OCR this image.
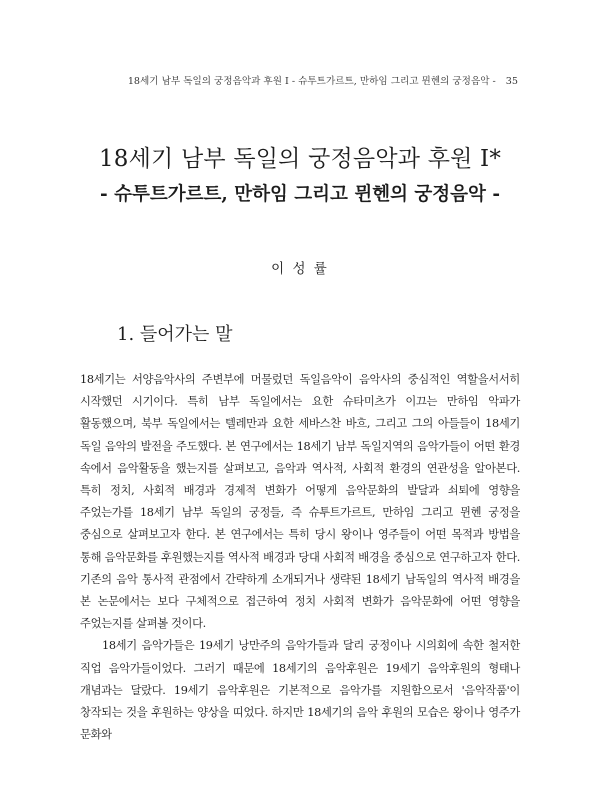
18세기 남부 독일의 궁정음악과 후원 I - 슈투트가르트, 만하임 그리고 뮌헨의 궁정음악 - 35
18세기 남부 독일의 궁정음악과 후원 I*
- 슈투트가르트, 만하임 그리고 뮌헨의 궁정음악 -
이 성 률
1. 들어가는 말

18세기는 서양음악사의 주변부에 머물렀던 독일음악이 음악사의 중심적인 역할을서서히 시작했던 시기이다. 특히 남부 독일에서는 요한 슈타미츠가 이끄는 만하임 악파가 활동했으며, 북부 독일에서는 텔레만과 요한 세바스찬 바흐, 그리고 그의 아들들이 18세기 독일 음악의 발전을 주도했다. 본 연구에서는 18세기 남부 독일지역의 음악가들이 어떤 환경 속에서 음악활동을 했는지를 살펴보고, 음악과 역사적, 사회적 환경의 연관성을 알아본다. 특히 정치, 사회적 배경과 경제적 변화가 어떻게 음악문화의 발달과 쇠퇴에 영향을 주었는가를 18세기 남부 독일의 궁정들, 즉 슈투트가르트, 만하임 그리고 뮌헨 궁정을 중심으로 살펴보고자 한다. 본 연구에서는 특히 당시 왕이나 영주들이 어떤 목적과 방법을 통해 음악문화를 후원했는지를 역사적 배경과 당대 사회적 배경을 중심으로 연구하고자 한다. 기존의 음악 통사적 관점에서 간략하게 소개되거나 생략된 18세기 남독일의 역사적 배경을 본 논문에서는 보다 구체적으로 접근하여 정치 사회적 변화가 음악문화에 어떤 영향을 주었는지를 살펴볼 것이다.

18세기 음악가들은 19세기 낭만주의 음악가들과 달리 궁정이나 시의회에 속한 철저한 직업 음악가들이었다. 그러기 때문에 18세기의 음악후원은 19세기 음악후원의 형태나 개념과는 달랐다. 19세기 음악후원은 기본적으로 음악가를 지원함으로서 '음악작품'이 창작되는 것을 후원하는 양상을 띠었다. 하지만 18세기의 음악 후원의 모습은 왕이나 영주가 문화와
